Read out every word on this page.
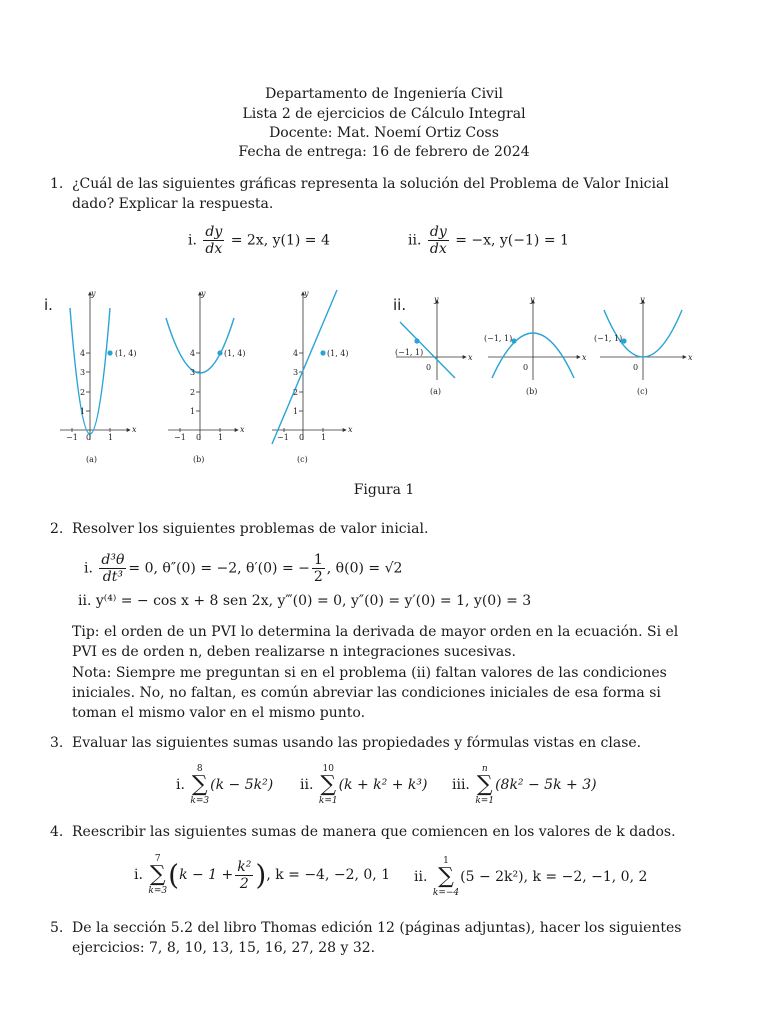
Departamento de Ingeniería Civil
Lista 2 de ejercicios de Cálculo Integral
Docente: Mat. Noemí Ortiz Coss
Fecha de entrega: 16 de febrero de 2024
1. ¿Cuál de las siguientes gráficas representa la solución del Problema de Valor Inicial dado? Explicar la respuesta.
i. $\frac{dy}{dx} = 2x$, y(1) = 4	ii. $\frac{dy}{dx} = -x$, y(−1) = 1
i.	ii.
y
x
4
3
2
1
−1 0 1
(1, 4)
(a)
y
x
4
3
2
1
−1 0 1
(1, 4)
(b)
y
x
4
3
2
1
−1 0 1
(1, 4)
(c)
y
x
(−1, 1)
0
(a)
y
x
(−1, 1)
0
(b)
y
x
(−1, 1)
0
(c)
Figura 1
2. Resolver los siguientes problemas de valor inicial.
i. $\frac{\text{d³θ}}{\text{dt³}} = 0$, θ″(0) = −2, θ′(0) = − $\frac{1}{2}$ , θ(0) = √2
ii. y⁽⁴⁾ = − cos x + 8 sen 2x, y‴(0) = 0, y″(0) = y′(0) = 1, y(0) = 3
Tip: el orden de un PVI lo determina la derivada de mayor orden en la ecuación. Si el PVI es de orden n, deben realizarse n integraciones sucesivas.
Nota: Siempre me preguntan si en el problema (ii) faltan valores de las condiciones iniciales. No, no faltan, es común abreviar las condiciones iniciales de esa forma si toman el mismo valor en el mismo punto.
3. Evaluar las siguientes sumas usando las propiedades y fórmulas vistas en clase.
i.
8
∑
k=3
(k − 5k²) ii.
10
∑
k=1
(k + k² + k³) iii.
n
∑
k=1
(8k² − 5k + 3)
4. Reescribir las siguientes sumas de manera que comiencen en los valores de k dados.
i.
7
∑
k=3 ($k - 1 + \frac{\text{k²}}{2}$ ), k = −4, −2, 0, 1 ii.
1
∑
k=−4
(5 − 2k²), k = −2, −1, 0, 2
5. De la sección 5.2 del libro Thomas edición 12 (páginas adjuntas), hacer los siguientes ejercicios: 7, 8, 10, 13, 15, 16, 27, 28 y 32.
